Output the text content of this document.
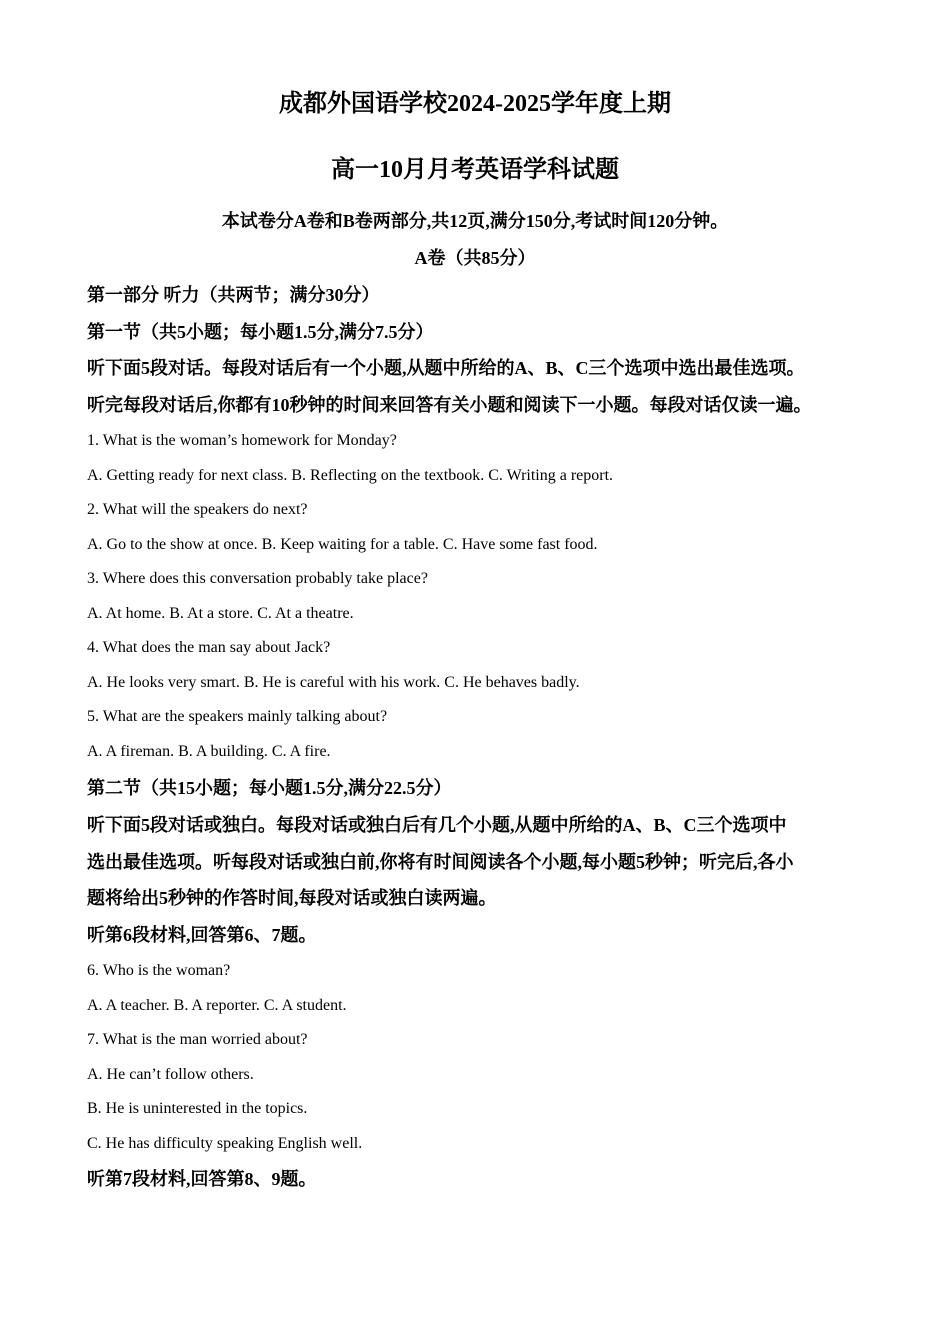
成都外国语学校2024-2025学年度上期
高一10月月考英语学科试题
本试卷分A卷和B卷两部分,共12页,满分150分,考试时间120分钟。
A卷（共85分）
第一部分 听力（共两节；满分30分）
第一节（共5小题；每小题1.5分,满分7.5分）
听下面5段对话。每段对话后有一个小题,从题中所给的A、B、C三个选项中选出最佳选项。
听完每段对话后,你都有10秒钟的时间来回答有关小题和阅读下一小题。每段对话仅读一遍。
1. What is the woman’s homework for Monday?
A. Getting ready for next class. B. Reflecting on the textbook. C. Writing a report.
2. What will the speakers do next?
A. Go to the show at once. B. Keep waiting for a table. C. Have some fast food.
3. Where does this conversation probably take place?
A. At home. B. At a store. C. At a theatre.
4. What does the man say about Jack?
A. He looks very smart. B. He is careful with his work. C. He behaves badly.
5. What are the speakers mainly talking about?
A. A fireman. B. A building. C. A fire.
第二节（共15小题；每小题1.5分,满分22.5分）
听下面5段对话或独白。每段对话或独白后有几个小题,从题中所给的A、B、C三个选项中
选出最佳选项。听每段对话或独白前,你将有时间阅读各个小题,每小题5秒钟；听完后,各小
题将给出5秒钟的作答时间,每段对话或独白读两遍。
听第6段材料,回答第6、7题。
6. Who is the woman?
A. A teacher. B. A reporter. C. A student.
7. What is the man worried about?
A. He can’t follow others.
B. He is uninterested in the topics.
C. He has difficulty speaking English well.
听第7段材料,回答第8、9题。
